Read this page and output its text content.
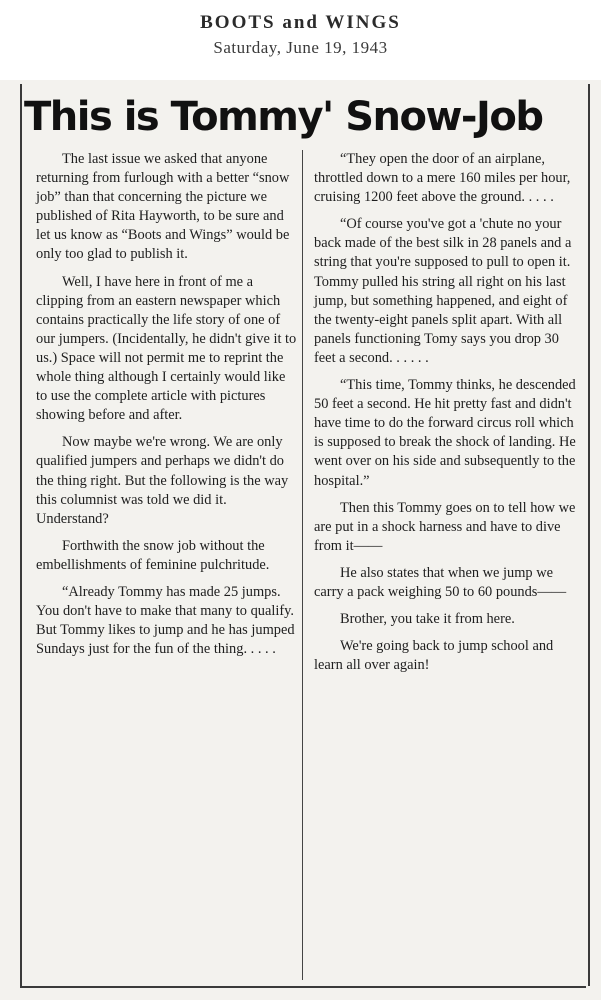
BOOTS and WINGS
Saturday, June 19, 1943
This is Tommy' Snow-Job

The last issue we asked that anyone returning from furlough with a better “snow job” than that concerning the picture we published of Rita Hayworth, to be sure and let us know as “Boots and Wings” would be only too glad to publish it.

Well, I have here in front of me a clipping from an eastern newspaper which contains practically the life story of one of our jumpers. (Incidentally, he didn't give it to us.) Space will not permit me to reprint the whole thing although I certainly would like to use the complete article with pictures showing before and after.

Now maybe we're wrong. We are only qualified jumpers and perhaps we didn't do the thing right. But the following is the way this columnist was told we did it. Understand?

Forthwith the snow job without the embellishments of feminine pulchritude.

“Already Tommy has made 25 jumps. You don't have to make that many to qualify. But Tommy likes to jump and he has jumped Sundays just for the fun of the thing. . . . .

“They open the door of an airplane, throttled down to a mere 160 miles per hour, cruising 1200 feet above the ground. . . . .

“Of course you've got a 'chute no your back made of the best silk in 28 panels and a string that you're supposed to pull to open it. Tommy pulled his string all right on his last jump, but something happened, and eight of the twenty-eight panels split apart. With all panels functioning Tomy says you drop 30 feet a second. . . . . .

“This time, Tommy thinks, he descended 50 feet a second. He hit pretty fast and didn't have time to do the forward circus roll which is supposed to break the shock of landing. He went over on his side and subsequently to the hospital.”

Then this Tommy goes on to tell how we are put in a shock harness and have to dive from it——

He also states that when we jump we carry a pack weighing 50 to 60 pounds——

Brother, you take it from here.

We're going back to jump school and learn all over again!
